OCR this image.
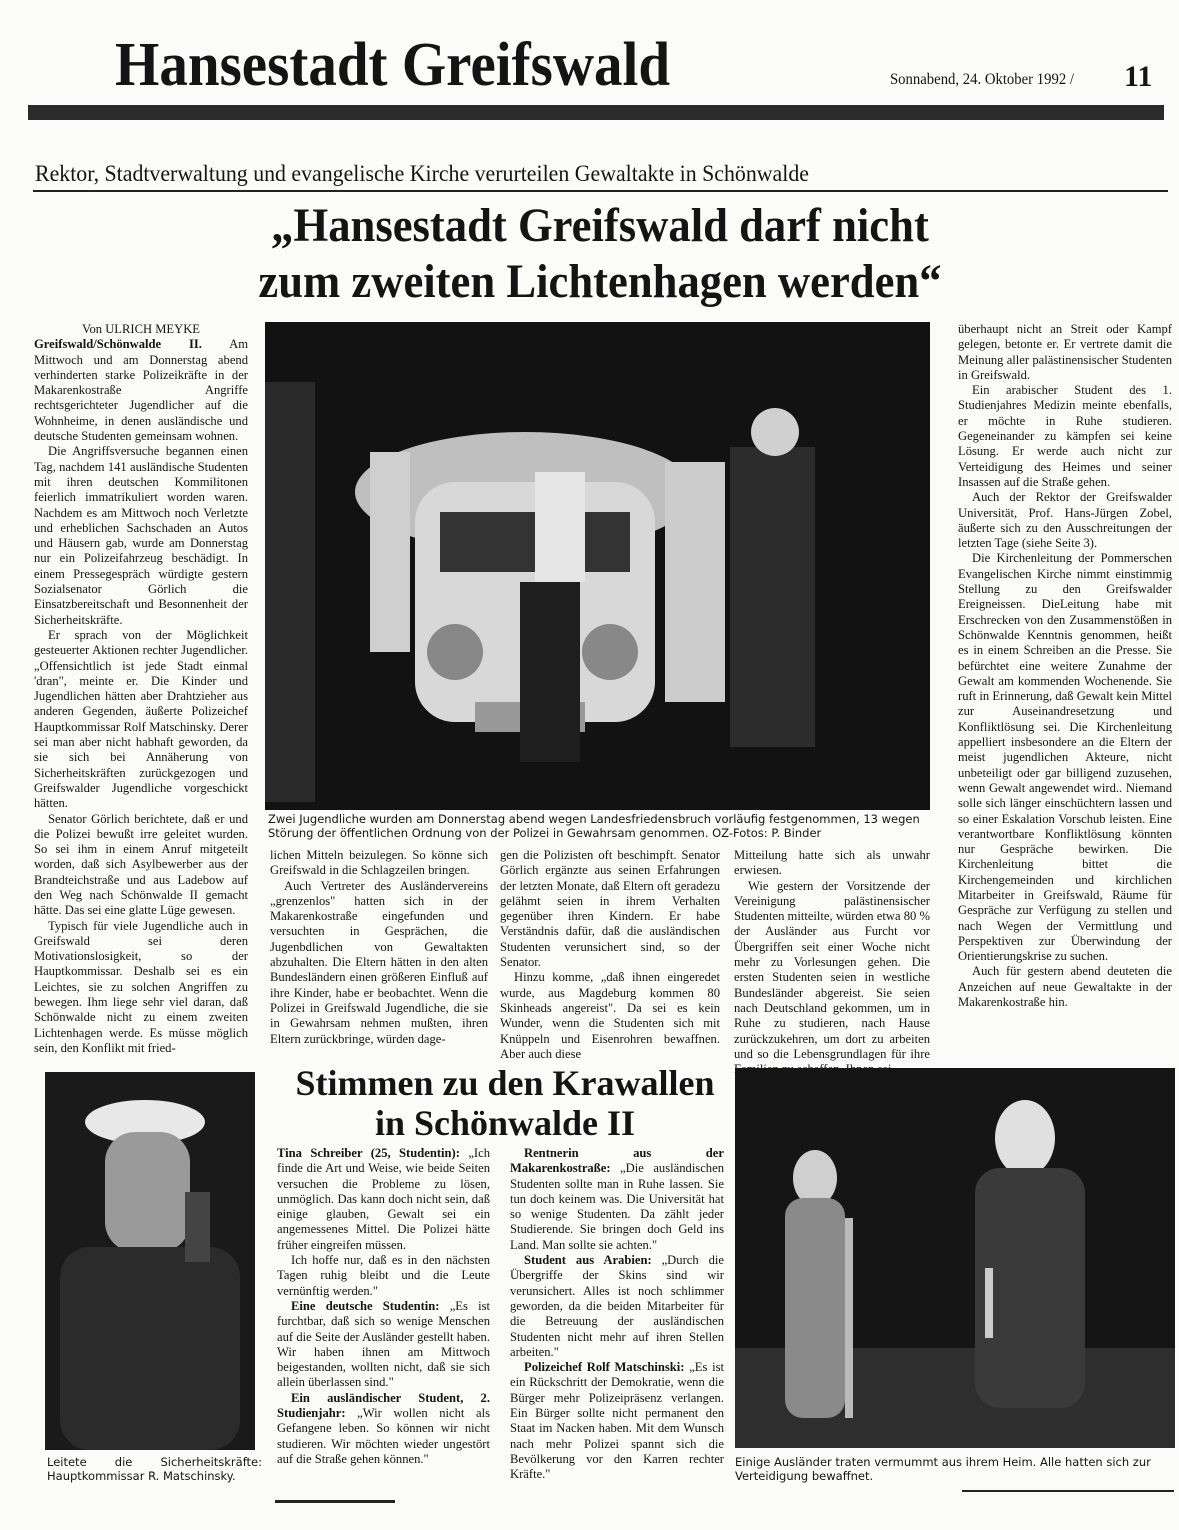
Hansestadt Greifswald	Sonnabend, 24. Oktober 1992 / 11
Rektor, Stadtverwaltung und evangelische Kirche verurteilen Gewaltakte in Schönwalde
„Hansestadt Greifswald darf nicht
zum zweiten Lichtenhagen werden“

Von ULRICH MEYKE

Greifswald/Schönwalde II. Am Mittwoch und am Donnerstag abend verhinderten starke Polizeikräfte in der Makarenkostraße Angriffe rechtsgerichteter Jugendlicher auf die Wohnheime, in denen ausländische und deutsche Studenten gemeinsam wohnen.

Die Angriffsversuche begannen einen Tag, nachdem 141 ausländische Studenten mit ihren deutschen Kommilitonen feierlich immatrikuliert worden waren. Nachdem es am Mittwoch noch Verletzte und erheblichen Sachschaden an Autos und Häusern gab, wurde am Donnerstag nur ein Polizeifahrzeug beschädigt. In einem Pressegespräch würdigte gestern Sozialsenator Görlich die Einsatzbereitschaft und Besonnenheit der Sicherheitskräfte.

Er sprach von der Möglichkeit gesteuerter Aktionen rechter Jugendlicher. „Offensichtlich ist jede Stadt einmal 'dran", meinte er. Die Kinder und Jugendlichen hätten aber Drahtzieher aus anderen Gegenden, äußerte Polizeichef Hauptkommissar Rolf Matschinsky. Derer sei man aber nicht habhaft geworden, da sie sich bei Annäherung von Sicherheitskräften zurückgezogen und Greifswalder Jugendliche vorgeschickt hätten.

Senator Görlich berichtete, daß er und die Polizei bewußt irre geleitet wurden. So sei ihm in einem Anruf mitgeteilt worden, daß sich Asylbewerber aus der Brandteichstraße und aus Ladebow auf den Weg nach Schönwalde II gemacht hätte. Das sei eine glatte Lüge gewesen.

Typisch für viele Jugendliche auch in Greifswald sei deren Motivationslosigkeit, so der Hauptkommissar. Deshalb sei es ein Leichtes, sie zu solchen Angriffen zu bewegen. Ihm liege sehr viel daran, daß Schönwalde nicht zu einem zweiten Lichtenhagen werde. Es müsse möglich sein, den Konflikt mit fried-

Zwei Jugendliche wurden am Donnerstag abend wegen Landesfriedensbruch vorläufig festgenommen, 13 wegen Störung der öffentlichen Ordnung von der Polizei in Gewahrsam genommen. OZ-Fotos: P. Binder

lichen Mitteln beizulegen. So könne sich Greifswald in die Schlagzeilen bringen.

Auch Vertreter des Ausländervereins „grenzenlos" hatten sich in der Makarenkostraße eingefunden und versuchten in Gesprächen, die Jugenbdlichen von Gewaltakten abzuhalten. Die Eltern hätten in den alten Bundesländern einen größeren Einfluß auf ihre Kinder, habe er beobachtet. Wenn die Polizei in Greifswald Jugendliche, die sie in Gewahrsam nehmen mußten, ihren Eltern zurückbringe, würden dage-

gen die Polizisten oft beschimpft. Senator Görlich ergänzte aus seinen Erfahrungen der letzten Monate, daß Eltern oft geradezu gelähmt seien in ihrem Verhalten gegenüber ihren Kindern. Er habe Verständnis dafür, daß die ausländischen Studenten verunsichert sind, so der Senator.

Hinzu komme, „daß ihnen eingeredet wurde, aus Magdeburg kommen 80 Skinheads angereist". Da sei es kein Wunder, wenn die Studenten sich mit Knüppeln und Eisenrohren bewaffnen. Aber auch diese

Mitteilung hatte sich als unwahr erwiesen.

Wie gestern der Vorsitzende der Vereinigung palästinensischer Studenten mitteilte, würden etwa 80 % der Ausländer aus Furcht vor Übergriffen seit einer Woche nicht mehr zu Vorlesungen gehen. Die ersten Studenten seien in westliche Bundesländer abgereist. Sie seien nach Deutschland gekommen, um in Ruhe zu studieren, nach Hause zurückzukehren, um dort zu arbeiten und so die Lebensgrundlagen für ihre

überhaupt nicht an Streit oder Kampf gelegen, betonte er. Er vertrete damit die Meinung aller palästinensischer Studenten in Greifswald.

Ein arabischer Student des 1. Studienjahres Medizin meinte ebenfalls, er möchte in Ruhe studieren. Gegeneinander zu kämpfen sei keine Lösung. Er werde auch nicht zur Verteidigung des Heimes und seiner Insassen auf die Straße gehen.

Auch der Rektor der Greifswalder Universität, Prof. Hans-Jürgen Zobel, äußerte sich zu den Ausschreitungen der letzten Tage (siehe Seite 3).

Die Kirchenleitung der Pommerschen Evangelischen Kirche nimmt einstimmig Stellung zu den Greifswalder Ereigneissen. DieLeitung habe mit Erschrecken von den Zusammenstößen in Schönwalde Kenntnis genommen, heißt es in einem Schreiben an die Presse. Sie befürchtet eine weitere Zunahme der Gewalt am kommenden Wochenende. Sie ruft in Erinnerung, daß Gewalt kein Mittel zur Auseinandresetzung und Konfliktlösung sei. Die Kirchenleitung appelliert insbesondere an die Eltern der meist jugendlichen Akteure, nicht unbeteiligt oder gar billigend zuzusehen, wenn Gewalt angewendet wird.. Niemand solle sich länger einschüchtern lassen und so einer Eskalation Vorschub leisten. Eine verantwortbare Konfliktlösung könnten nur Gespräche bewirken. Die Kirchenleitung bittet die Kirchengemeinden und kirchlichen Mitarbeiter in Greifswald, Räume für Gespräche zur Verfügung zu stellen und nach Wegen der Vermittlung und Perspektiven zur Überwindung der Orientierungskrise zu suchen.

Auch für gestern abend deuteten die Anzeichen auf neue Gewaltakte in der Makarenkostraße hin.

Leitete die Sicherheitskräfte: Hauptkommissar R. Matschinsky.
Stimmen zu den Krawallen
in Schönwalde II

Tina Schreiber (25, Studentin): „Ich finde die Art und Weise, wie beide Seiten versuchen die Probleme zu lösen, unmöglich. Das kann doch nicht sein, daß einige glauben, Gewalt sei ein angemessenes Mittel. Die Polizei hätte früher eingreifen müssen.

Ich hoffe nur, daß es in den nächsten Tagen ruhig bleibt und die Leute vernünftig werden."

Eine deutsche Studentin: „Es ist furchtbar, daß sich so wenige Menschen auf die Seite der Ausländer gestellt haben. Wir haben ihnen am Mittwoch beigestanden, wollten nicht, daß sie sich allein überlassen sind."

Ein ausländischer Student, 2. Studienjahr: „Wir wollen nicht als Gefangene leben. So können wir nicht studieren. Wir möchten wieder ungestört auf die Straße gehen können."

Rentnerin aus der Makarenkostraße: „Die ausländischen Studenten sollte man in Ruhe lassen. Sie tun doch keinem was. Die Universität hat so wenige Studenten. Da zählt jeder Studierende. Sie bringen doch Geld ins Land. Man sollte sie achten."

Student aus Arabien: „Durch die Übergriffe der Skins sind wir verunsichert. Alles ist noch schlimmer geworden, da die beiden Mitarbeiter für die Betreuung der ausländischen Studenten nicht mehr auf ihren Stellen arbeiten."

Polizeichef Rolf Matschinski: „Es ist ein Rückschritt der Demokratie, wenn die Bürger mehr Polizeipräsenz verlangen. Ein Bürger sollte nicht permanent den Staat im Nacken haben. Mit dem Wunsch nach mehr Polizei spannt sich die Bevölkerung vor den Karren rechter Kräfte."

Einige Ausländer traten vermummt aus ihrem Heim. Alle hatten sich zur Verteidigung bewaffnet.
